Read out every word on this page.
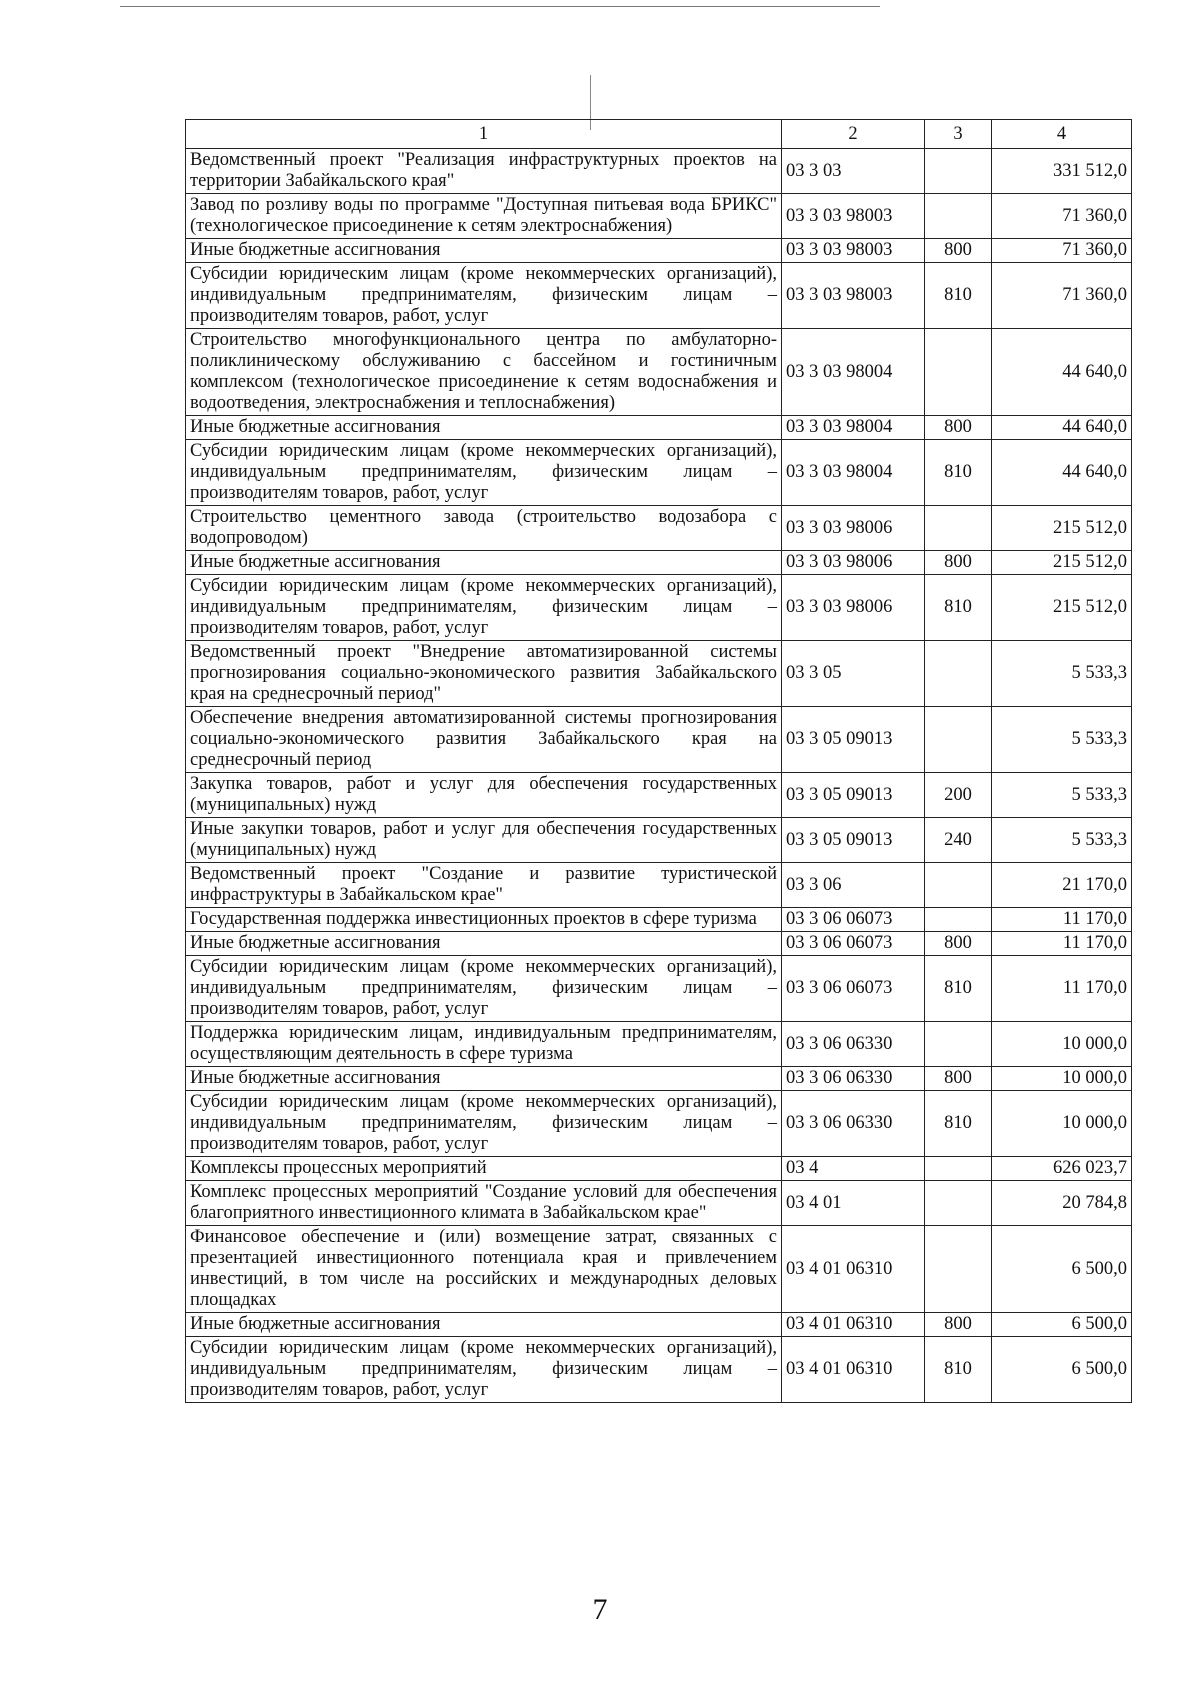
1	2	3	4
Ведомственный проект "Реализация инфраструктурных проектов на территории Забайкальского края"	03 3 03		331 512,0
Завод по розливу воды по программе "Доступная питьевая вода БРИКС" (технологическое присоединение к сетям электроснабжения)	03 3 03 98003		71 360,0
Иные бюджетные ассигнования	03 3 03 98003	800	71 360,0
Субсидии юридическим лицам (кроме некоммерческих организаций), индивидуальным предпринимателям, физическим лицам – производителям товаров, работ, услуг	03 3 03 98003	810	71 360,0
Строительство многофункционального центра по амбулаторно-поликлиническому обслуживанию с бассейном и гостиничным комплексом (технологическое присоединение к сетям водоснабжения и водоотведения, электроснабжения и теплоснабжения)	03 3 03 98004		44 640,0
Иные бюджетные ассигнования	03 3 03 98004	800	44 640,0
Субсидии юридическим лицам (кроме некоммерческих организаций), индивидуальным предпринимателям, физическим лицам – производителям товаров, работ, услуг	03 3 03 98004	810	44 640,0
Строительство цементного завода (строительство водозабора с водопроводом)	03 3 03 98006		215 512,0
Иные бюджетные ассигнования	03 3 03 98006	800	215 512,0
Субсидии юридическим лицам (кроме некоммерческих организаций), индивидуальным предпринимателям, физическим лицам – производителям товаров, работ, услуг	03 3 03 98006	810	215 512,0
Ведомственный проект "Внедрение автоматизированной системы прогнозирования социально-экономического развития Забайкальского края на среднесрочный период"	03 3 05		5 533,3
Обеспечение внедрения автоматизированной системы прогнозирования социально-экономического развития Забайкальского края на среднесрочный период	03 3 05 09013		5 533,3
Закупка товаров, работ и услуг для обеспечения государственных (муниципальных) нужд	03 3 05 09013	200	5 533,3
Иные закупки товаров, работ и услуг для обеспечения государственных (муниципальных) нужд	03 3 05 09013	240	5 533,3
Ведомственный проект "Создание и развитие туристической инфраструктуры в Забайкальском крае"	03 3 06		21 170,0
Государственная поддержка инвестиционных проектов в сфере туризма	03 3 06 06073		11 170,0
Иные бюджетные ассигнования	03 3 06 06073	800	11 170,0
Субсидии юридическим лицам (кроме некоммерческих организаций), индивидуальным предпринимателям, физическим лицам – производителям товаров, работ, услуг	03 3 06 06073	810	11 170,0
Поддержка юридическим лицам, индивидуальным предпринимателям, осуществляющим деятельность в сфере туризма	03 3 06 06330		10 000,0
Иные бюджетные ассигнования	03 3 06 06330	800	10 000,0
Субсидии юридическим лицам (кроме некоммерческих организаций), индивидуальным предпринимателям, физическим лицам – производителям товаров, работ, услуг	03 3 06 06330	810	10 000,0
Комплексы процессных мероприятий	03 4		626 023,7
Комплекс процессных мероприятий "Создание условий для обеспечения благоприятного инвестиционного климата в Забайкальском крае"	03 4 01		20 784,8
Финансовое обеспечение и (или) возмещение затрат, связанных с презентацией инвестиционного потенциала края и привлечением инвестиций, в том числе на российских и международных деловых площадках	03 4 01 06310		6 500,0
Иные бюджетные ассигнования	03 4 01 06310	800	6 500,0
Субсидии юридическим лицам (кроме некоммерческих организаций), индивидуальным предпринимателям, физическим лицам – производителям товаров, работ, услуг	03 4 01 06310	810	6 500,0
7
